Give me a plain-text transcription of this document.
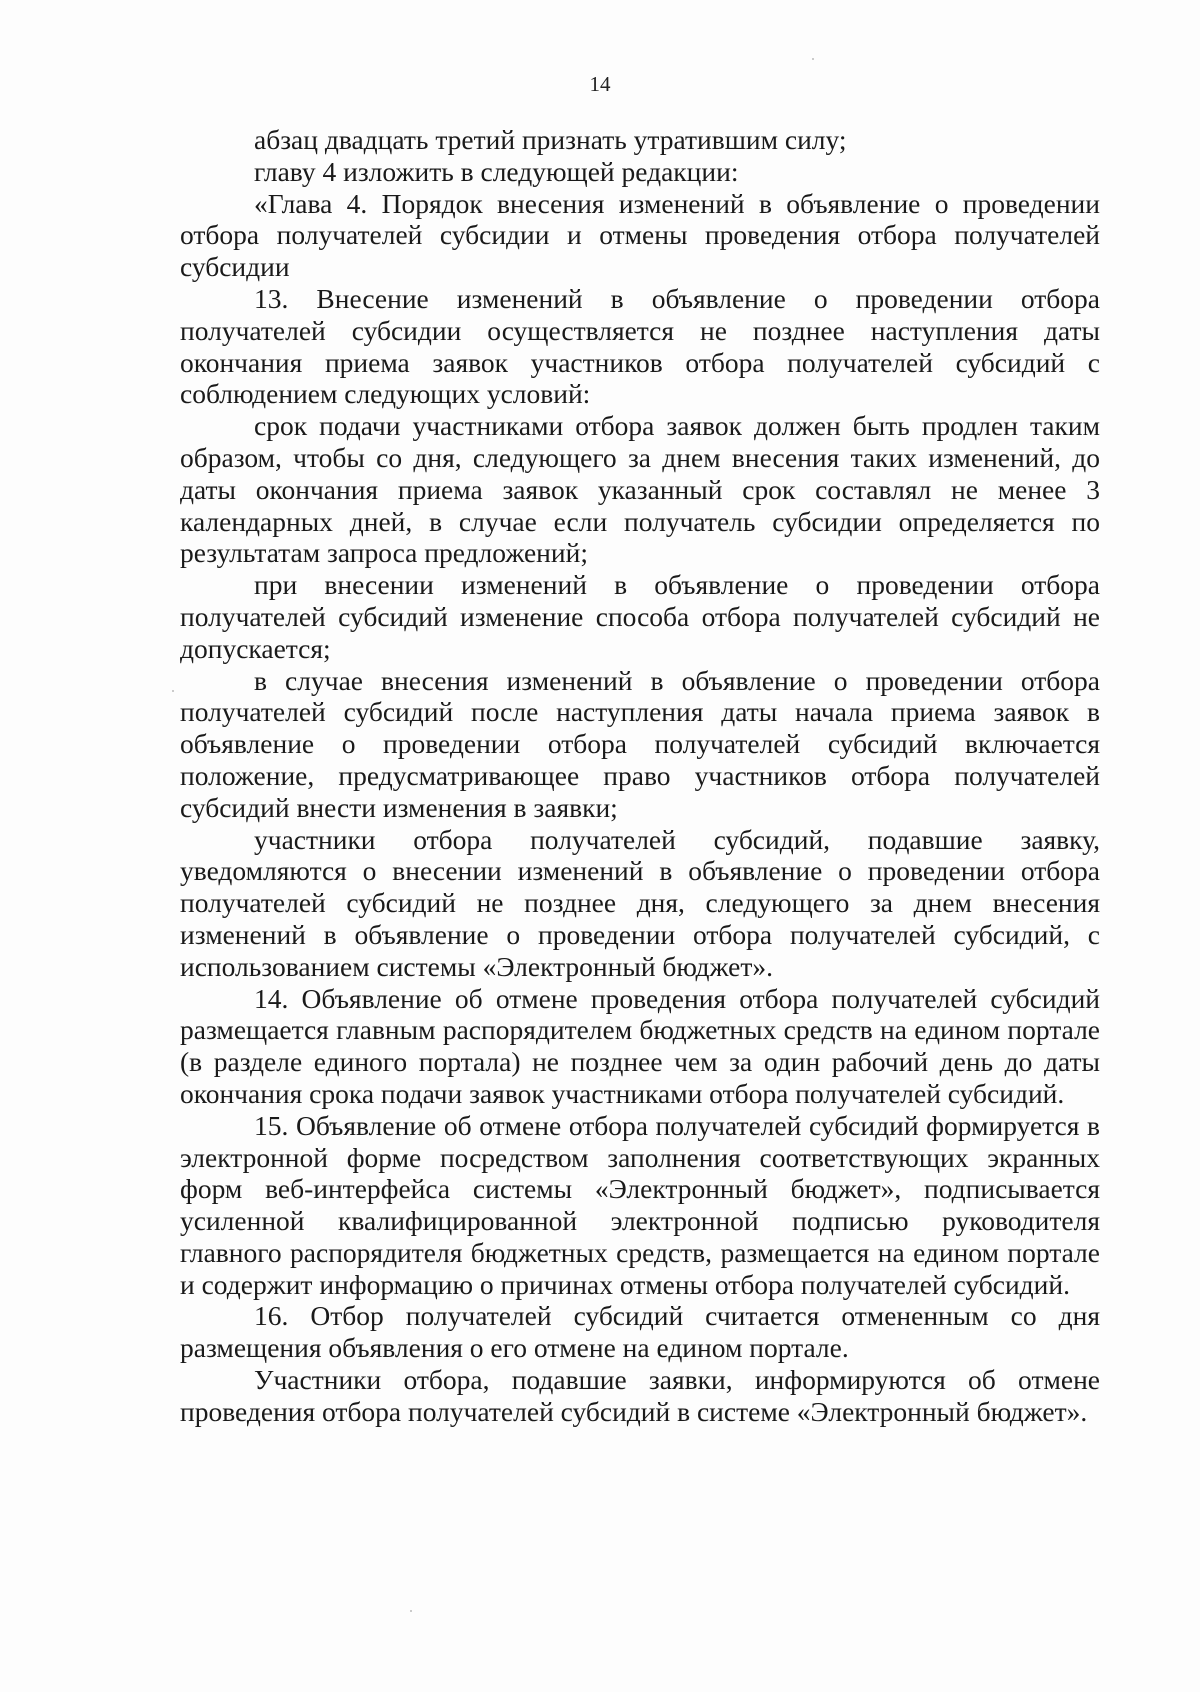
14

абзац двадцать третий признать утратившим силу;

главу 4 изложить в следующей редакции:

«Глава 4. Порядок внесения изменений в объявление о проведении отбора получателей субсидии и отмены проведения отбора получателей субсидии

13. Внесение изменений в объявление о проведении отбора получателей субсидии осуществляется не позднее наступления даты окончания приема заявок участников отбора получателей субсидий с соблюдением следующих условий:

срок подачи участниками отбора заявок должен быть продлен таким образом, чтобы со дня, следующего за днем внесения таких изменений, до даты окончания приема заявок указанный срок составлял не менее 3 календарных дней, в случае если получатель субсидии определяется по результатам запроса предложений;

при внесении изменений в объявление о проведении отбора получателей субсидий изменение способа отбора получателей субсидий не допускается;

в случае внесения изменений в объявление о проведении отбора получателей субсидий после наступления даты начала приема заявок в объявление о проведении отбора получателей субсидий включается положение, предусматривающее право участников отбора получателей субсидий внести изменения в заявки;

участники отбора получателей субсидий, подавшие заявку, уведомляются о внесении изменений в объявление о проведении отбора получателей субсидий не позднее дня, следующего за днем внесения изменений в объявление о проведении отбора получателей субсидий, с использованием системы «Электронный бюджет».

14. Объявление об отмене проведения отбора получателей субсидий размещается главным распорядителем бюджетных средств на едином портале (в разделе единого портала) не позднее чем за один рабочий день до даты окончания срока подачи заявок участниками отбора получателей субсидий.

15. Объявление об отмене отбора получателей субсидий формируется в электронной форме посредством заполнения соответствующих экранных форм веб-интерфейса системы «Электронный бюджет», подписывается усиленной квалифицированной электронной подписью руководителя главного распорядителя бюджетных средств, размещается на едином портале и содержит информацию о причинах отмены отбора получателей субсидий.

16. Отбор получателей субсидий считается отмененным со дня размещения объявления о его отмене на едином портале.

Участники отбора, подавшие заявки, информируются об отмене проведения отбора получателей субсидий в системе «Электронный бюджет».
